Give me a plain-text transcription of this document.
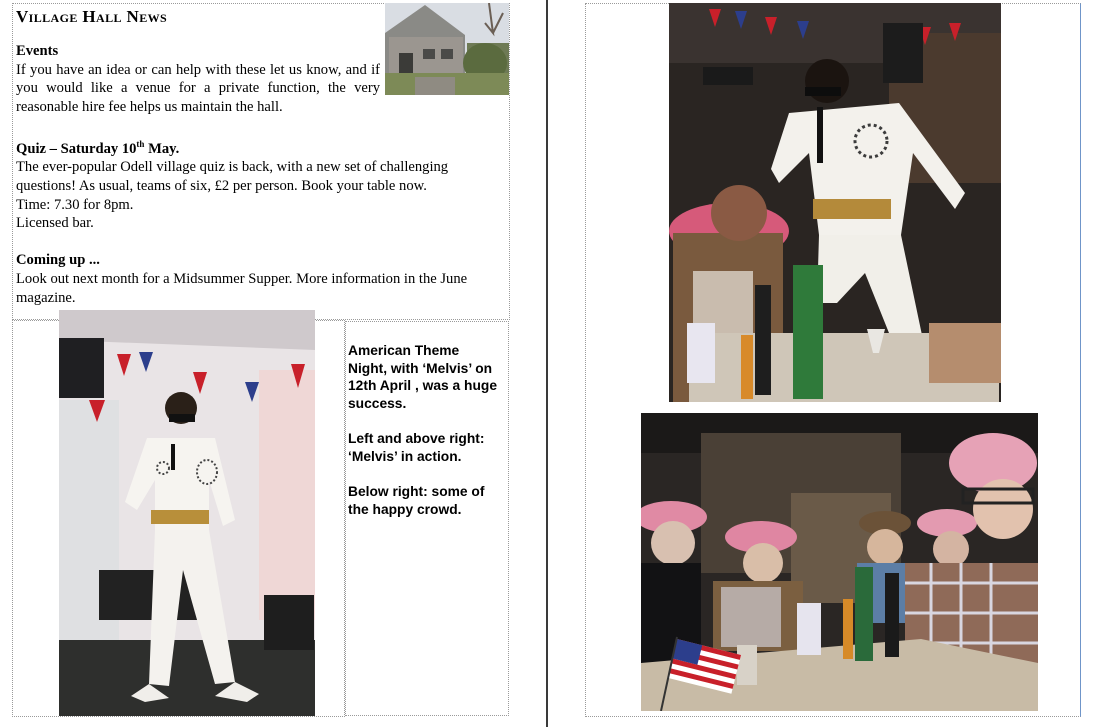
Village Hall News
Events

If you have an idea or can help with these let us know, and if you would like a venue for a private function, the very reasonable hire fee helps us maintain the hall.

Quiz – Saturday 10th May.

The ever-popular Odell village quiz is back, with a new set of challenging questions! As usual, teams of six, £2 per person. Book your table now.

Time: 7.30 for 8pm.

Licensed bar.

Coming up ...

Look out next month for a Midsummer Supper. More information in the June magazine.

American Theme Night, with ‘Melvis’ on 12th April , was a huge success.

Left and above right: ‘Melvis’ in action.

Below right: some of the happy crowd.
